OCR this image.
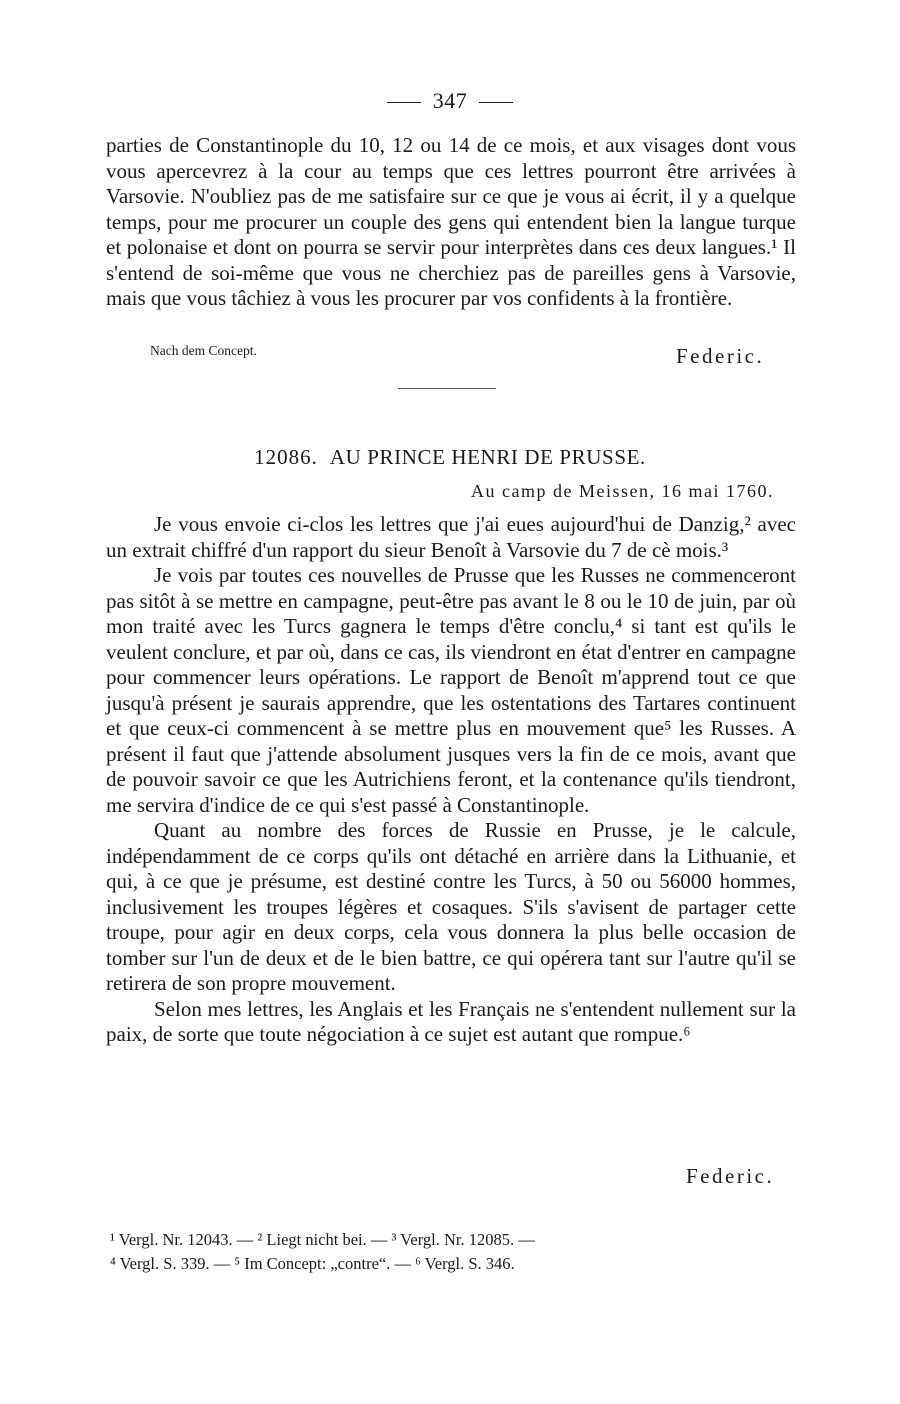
347

parties de Constantinople du 10, 12 ou 14 de ce mois, et aux visages dont vous vous apercevrez à la cour au temps que ces lettres pourront être arrivées à Varsovie. N'oubliez pas de me satisfaire sur ce que je vous ai écrit, il y a quelque temps, pour me procurer un couple des gens qui entendent bien la langue turque et polonaise et dont on pourra se servir pour interprètes dans ces deux langues.¹ Il s'entend de soi-même que vous ne cherchiez pas de pareilles gens à Varsovie, mais que vous tâchiez à vous les procurer par vos confidents à la frontière.

Nach dem Concept.	Federic.
12086. AU PRINCE HENRI DE PRUSSE.
Au camp de Meissen, 16 mai 1760.

Je vous envoie ci-clos les lettres que j'ai eues aujourd'hui de Danzig,² avec un extrait chiffré d'un rapport du sieur Benoît à Varsovie du 7 de cè mois.³

Je vois par toutes ces nouvelles de Prusse que les Russes ne commenceront pas sitôt à se mettre en campagne, peut-être pas avant le 8 ou le 10 de juin, par où mon traité avec les Turcs gagnera le temps d'être conclu,⁴ si tant est qu'ils le veulent conclure, et par où, dans ce cas, ils viendront en état d'entrer en campagne pour commencer leurs opérations. Le rapport de Benoît m'apprend tout ce que jusqu'à présent je saurais apprendre, que les ostentations des Tartares continuent et que ceux-ci commencent à se mettre plus en mouvement que⁵ les Russes. A présent il faut que j'attende absolument jusques vers la fin de ce mois, avant que de pouvoir savoir ce que les Autrichiens feront, et la contenance qu'ils tiendront, me servira d'indice de ce qui s'est passé à Constantinople.

Quant au nombre des forces de Russie en Prusse, je le calcule, indépendamment de ce corps qu'ils ont détaché en arrière dans la Lithuanie, et qui, à ce que je présume, est destiné contre les Turcs, à 50 ou 56000 hommes, inclusivement les troupes légères et cosaques. S'ils s'avisent de partager cette troupe, pour agir en deux corps, cela vous donnera la plus belle occasion de tomber sur l'un de deux et de le bien battre, ce qui opérera tant sur l'autre qu'il se retirera de son propre mouvement.

Selon mes lettres, les Anglais et les Français ne s'entendent nullement sur la paix, de sorte que toute négociation à ce sujet est autant que rompue.⁶

Federic.

¹ Vergl. Nr. 12043. — ² Liegt nicht bei. — ³ Vergl. Nr. 12085. —

⁴ Vergl. S. 339. — ⁵ Im Concept: „contre“. — ⁶ Vergl. S. 346.
